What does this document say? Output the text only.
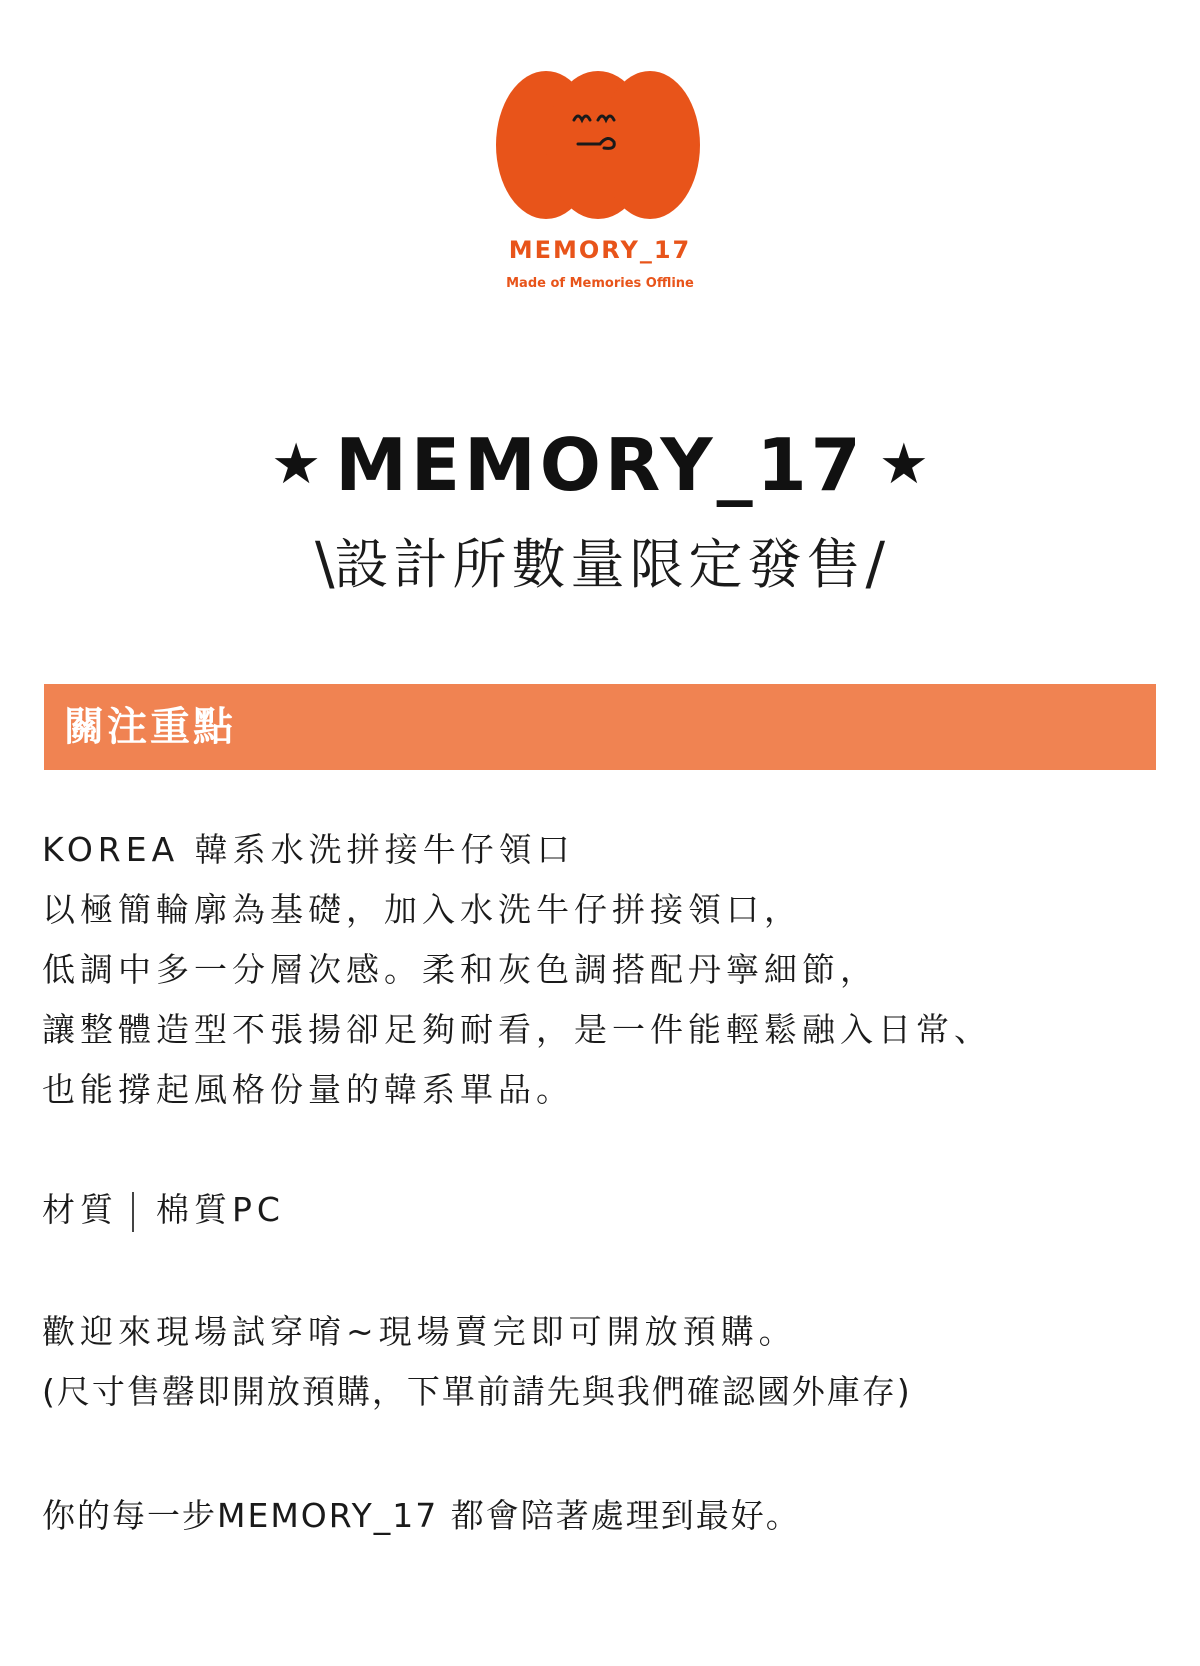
MEMORY_17
Made of Memories Offline
★ MEMORY_17 ★
\設計所數量限定發售/
關注重點
KOREA 韓系水洗拼接牛仔領口
以極簡輪廓為基礎，加入水洗牛仔拼接領口，
低調中多一分層次感。柔和灰色調搭配丹寧細節，
讓整體造型不張揚卻足夠耐看，是一件能輕鬆融入日常、
也能撐起風格份量的韓系單品。
材質 棉質PC
歡迎來現場試穿唷~現場賣完即可開放預購。
(尺寸售罄即開放預購，下單前請先與我們確認國外庫存)
你的每一步MEMORY_17 都會陪著處理到最好。
